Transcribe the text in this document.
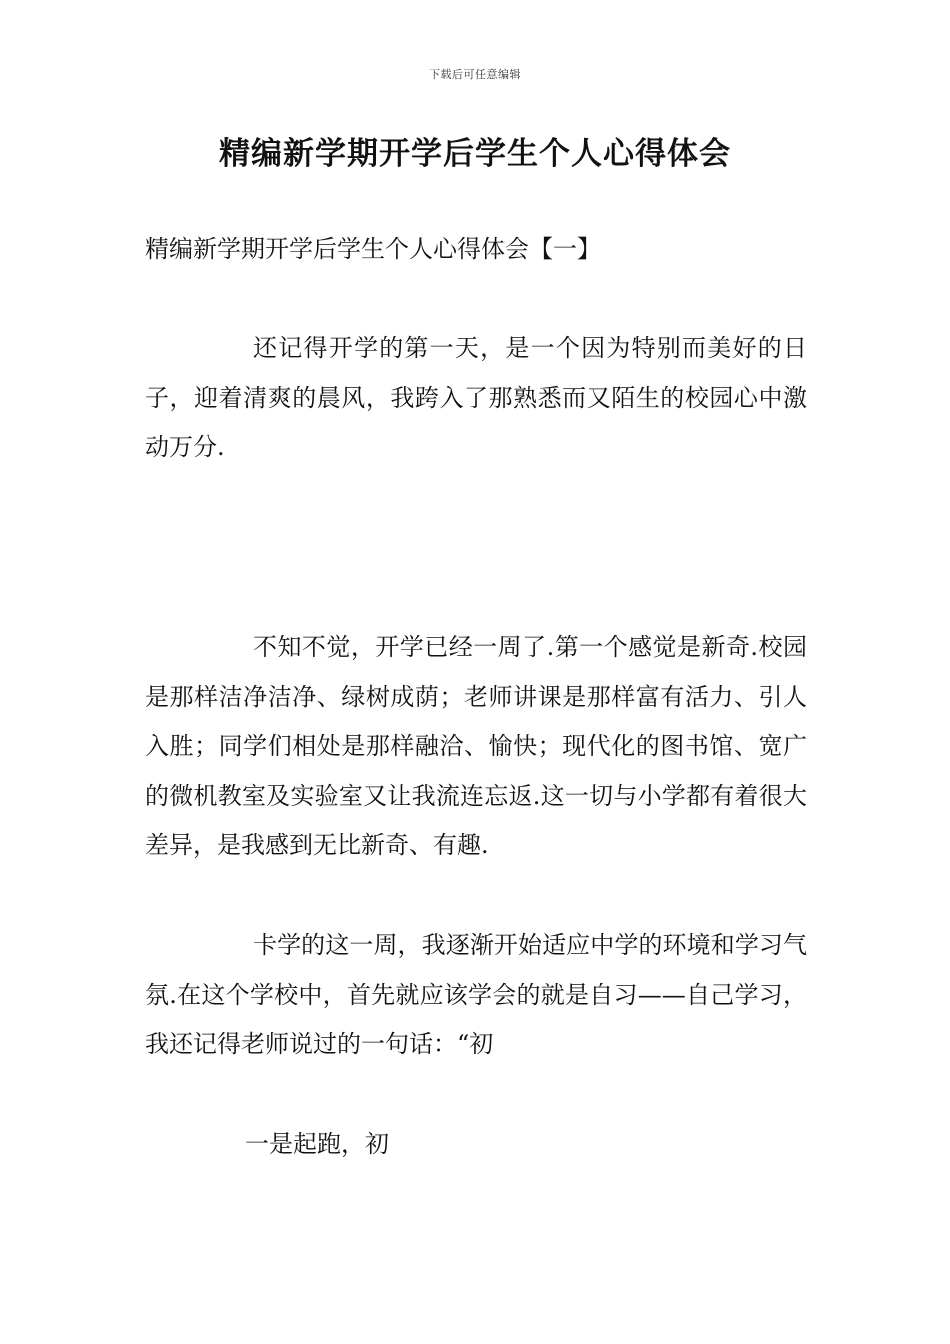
下载后可任意编辑
精编新学期开学后学生个人心得体会
精编新学期开学后学生个人心得体会【一】

还记得开学的第一天，是一个因为特别而美好的日子，迎着清爽的晨风，我跨入了那熟悉而又陌生的校园心中激动万分.

不知不觉，开学已经一周了.第一个感觉是新奇.校园是那样洁净洁净、绿树成荫；老师讲课是那样富有活力、引人入胜；同学们相处是那样融洽、愉快；现代化的图书馆、宽广的微机教室及实验室又让我流连忘返.这一切与小学都有着很大差异，是我感到无比新奇、有趣.

卡学的这一周，我逐渐开始适应中学的环境和学习气氛.在这个学校中，首先就应该学会的就是自习——自己学习，我还记得老师说过的一句话：“初

一是起跑，初
